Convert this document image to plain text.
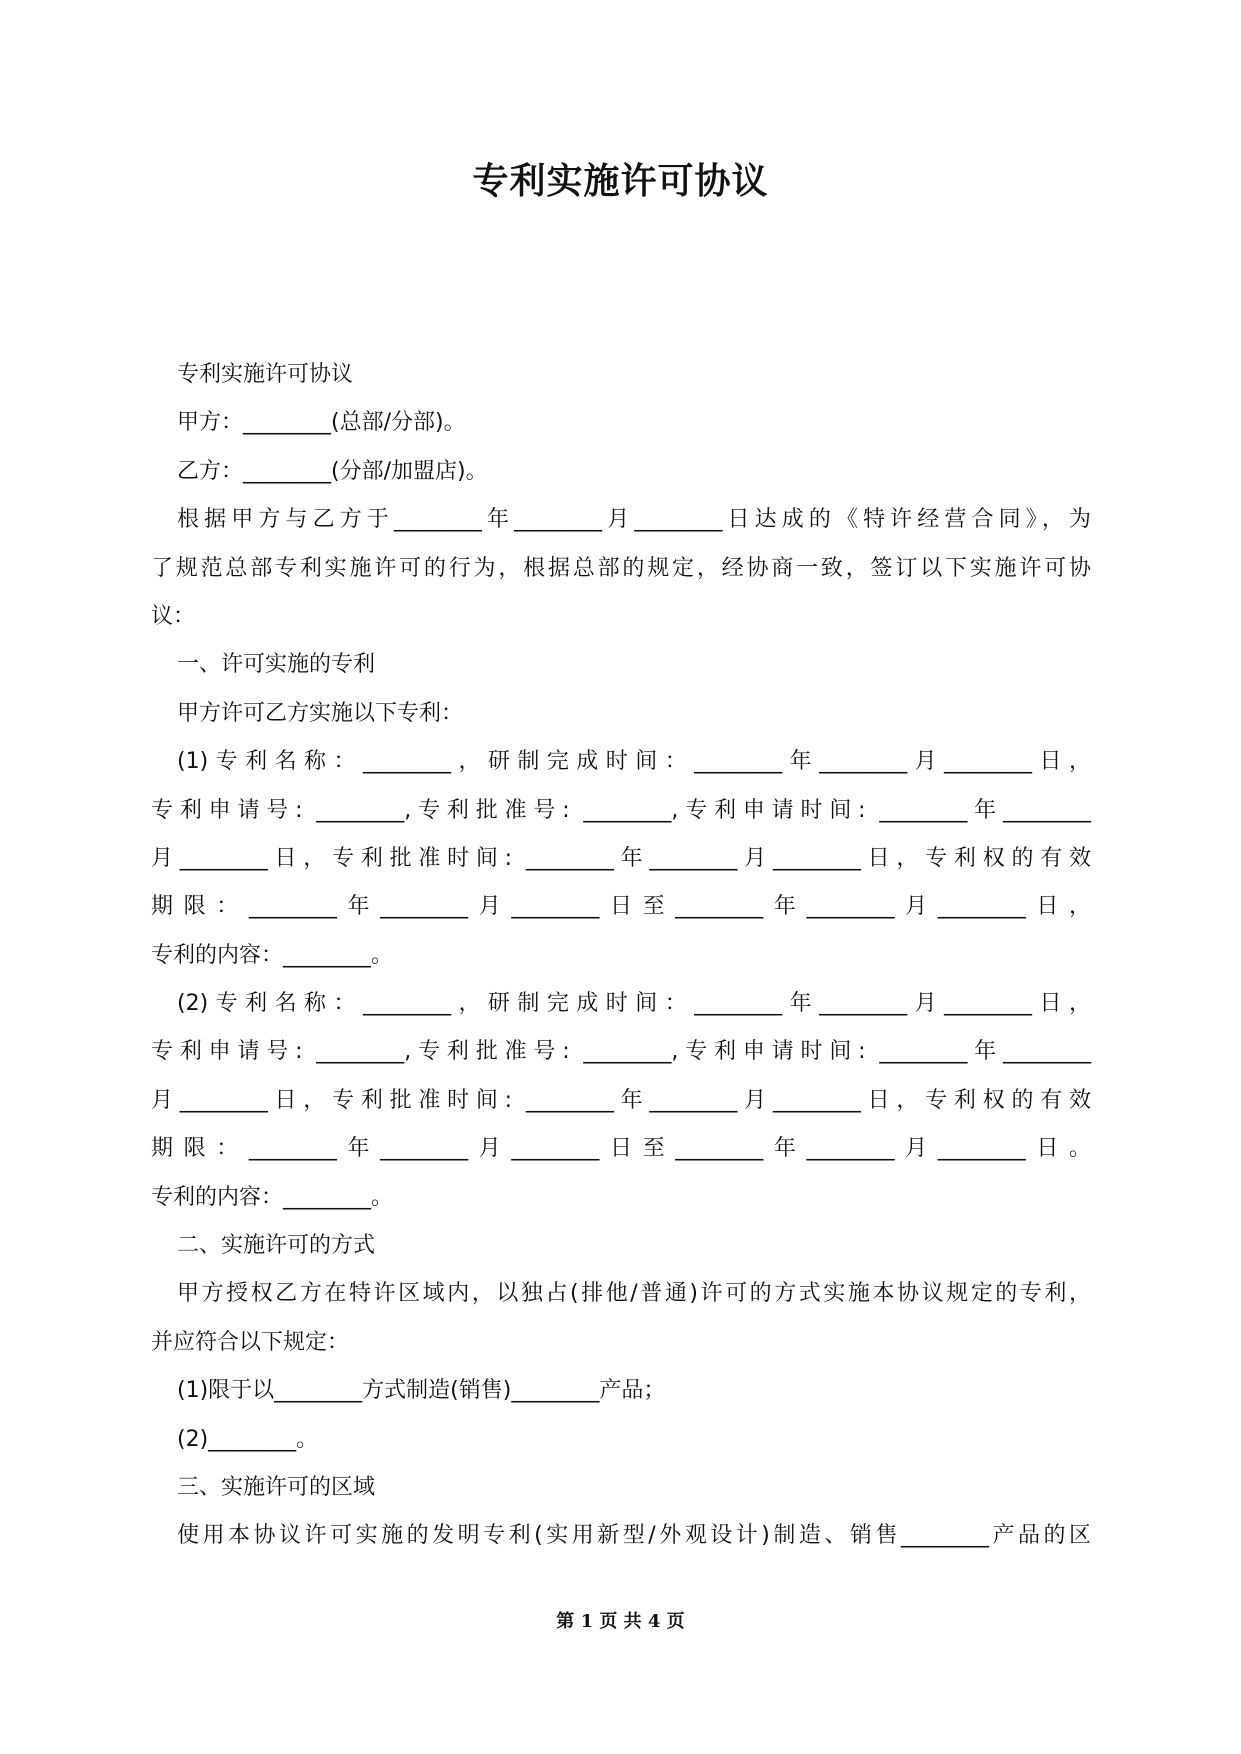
专利实施许可协议
专利实施许可协议
甲方：________(总部/分部)。
乙方：________(分部/加盟店)。
根据甲方与乙方于________年________月________日达成的《特许经营合同》，为
了规范总部专利实施许可的行为，根据总部的规定，经协商一致，签订以下实施许可协
议：
一、许可实施的专利
甲方许可乙方实施以下专利：
(1)专利名称：________，研制完成时间：________年________月________日，
专利申请号: ________,专利批准号: ________,专利申请时间: ________年________
月________日，专利批准时间: ________年________月________日，专利权的有效
期限：________年________月________日至________年________月________日，
专利的内容：________。
(2)专利名称：________，研制完成时间：________年________月________日，
专利申请号: ________,专利批准号: ________,专利申请时间: ________年________
月________日，专利批准时间: ________年________月________日，专利权的有效
期限：________年________月________日至________年________月________日。
专利的内容：________。
二、实施许可的方式
甲方授权乙方在特许区域内，以独占(排他/普通)许可的方式实施本协议规定的专利，
并应符合以下规定：
(1)限于以________方式制造(销售)________产品；
(2)________。
三、实施许可的区域
使用本协议许可实施的发明专利(实用新型/外观设计)制造、销售________产品的区
第 1 页 共 4 页
